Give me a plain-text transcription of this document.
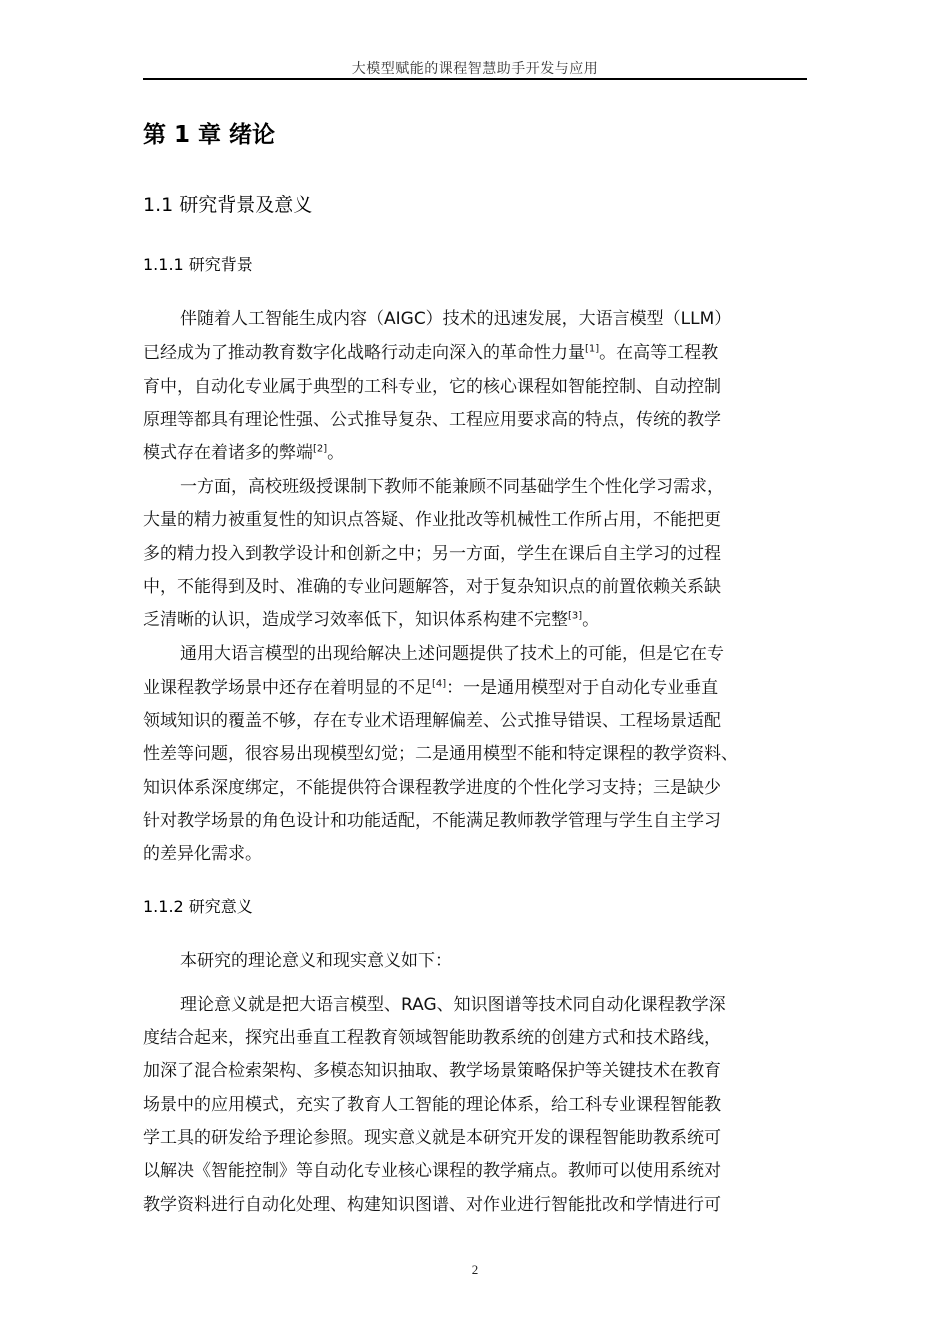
大模型赋能的课程智慧助手开发与应用
第 1 章 绪论
1.1 研究背景及意义
1.1.1 研究背景
伴随着人工智能生成内容（AIGC）技术的迅速发展，大语言模型（LLM）
已经成为了推动教育数字化战略行动走向深入的革命性力量[1]。在高等工程教
育中，自动化专业属于典型的工科专业，它的核心课程如智能控制、自动控制
原理等都具有理论性强、公式推导复杂、工程应用要求高的特点，传统的教学
模式存在着诸多的弊端[2]。
一方面，高校班级授课制下教师不能兼顾不同基础学生个性化学习需求，
大量的精力被重复性的知识点答疑、作业批改等机械性工作所占用，不能把更
多的精力投入到教学设计和创新之中；另一方面，学生在课后自主学习的过程
中，不能得到及时、准确的专业问题解答，对于复杂知识点的前置依赖关系缺
乏清晰的认识，造成学习效率低下，知识体系构建不完整[3]。
通用大语言模型的出现给解决上述问题提供了技术上的可能，但是它在专
业课程教学场景中还存在着明显的不足[4]：一是通用模型对于自动化专业垂直
领域知识的覆盖不够，存在专业术语理解偏差、公式推导错误、工程场景适配
性差等问题，很容易出现模型幻觉；二是通用模型不能和特定课程的教学资料、
知识体系深度绑定，不能提供符合课程教学进度的个性化学习支持；三是缺少
针对教学场景的角色设计和功能适配，不能满足教师教学管理与学生自主学习
的差异化需求。
1.1.2 研究意义
本研究的理论意义和现实意义如下：
理论意义就是把大语言模型、RAG、知识图谱等技术同自动化课程教学深
度结合起来，探究出垂直工程教育领域智能助教系统的创建方式和技术路线，
加深了混合检索架构、多模态知识抽取、教学场景策略保护等关键技术在教育
场景中的应用模式，充实了教育人工智能的理论体系，给工科专业课程智能教
学工具的研发给予理论参照。现实意义就是本研究开发的课程智能助教系统可
以解决《智能控制》等自动化专业核心课程的教学痛点。教师可以使用系统对
教学资料进行自动化处理、构建知识图谱、对作业进行智能批改和学情进行可
2
